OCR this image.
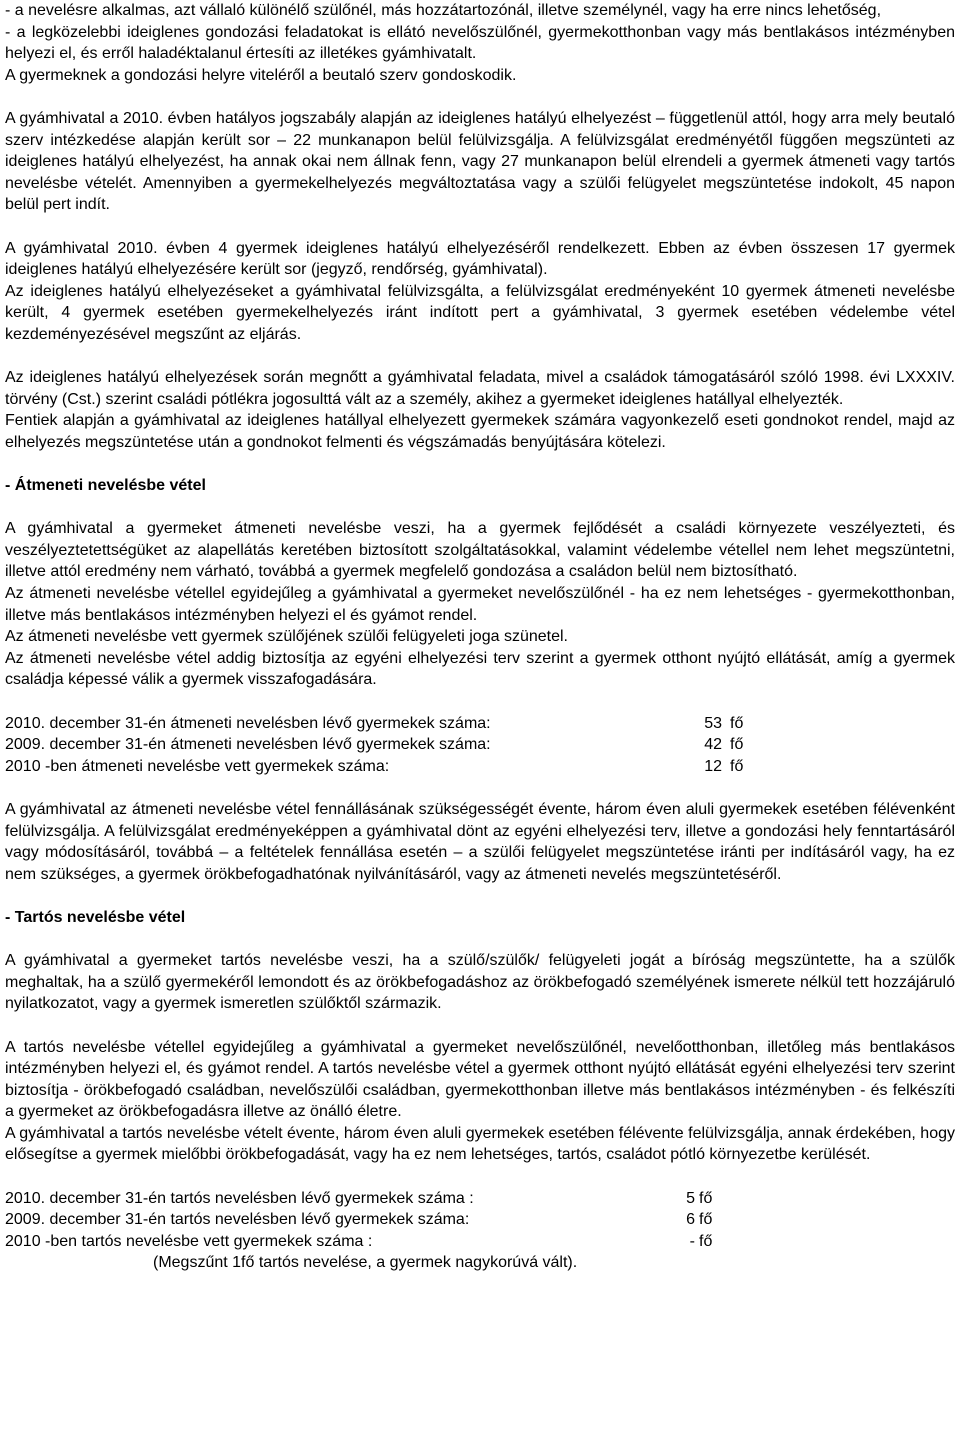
- a nevelésre alkalmas, azt vállaló különélő szülőnél, más hozzátartozónál, illetve személynél, vagy ha erre nincs lehetőség,

- a legközelebbi ideiglenes gondozási feladatokat is ellátó nevelőszülőnél, gyermekotthonban vagy más bentlakásos intézményben helyezi el, és erről haladéktalanul értesíti az illetékes gyámhivatalt.

A gyermeknek a gondozási helyre viteléről a beutaló szerv gondoskodik.

A gyámhivatal a 2010. évben hatályos jogszabály alapján az ideiglenes hatályú elhelyezést – függetlenül attól, hogy arra mely beutaló szerv intézkedése alapján került sor – 22 munkanapon belül felülvizsgálja. A felülvizsgálat eredményétől függően megszünteti az ideiglenes hatályú elhelyezést, ha annak okai nem állnak fenn, vagy 27 munkanapon belül elrendeli a gyermek átmeneti vagy tartós nevelésbe vételét. Amennyiben a gyermekelhelyezés megváltoztatása vagy a szülői felügyelet megszüntetése indokolt, 45 napon belül pert indít.

A gyámhivatal 2010. évben 4 gyermek ideiglenes hatályú elhelyezéséről rendelkezett. Ebben az évben összesen 17 gyermek ideiglenes hatályú elhelyezésére került sor (jegyző, rendőrség, gyámhivatal).

Az ideiglenes hatályú elhelyezéseket a gyámhivatal felülvizsgálta, a felülvizsgálat eredményeként 10 gyermek átmeneti nevelésbe került, 4 gyermek esetében gyermekelhelyezés iránt indított pert a gyámhivatal, 3 gyermek esetében védelembe vétel kezdeményezésével megszűnt az eljárás.

Az ideiglenes hatályú elhelyezések során megnőtt a gyámhivatal feladata, mivel a családok támogatásáról szóló 1998. évi LXXXIV. törvény (Cst.) szerint családi pótlékra jogosulttá vált az a személy, akihez a gyermeket ideiglenes hatállyal elhelyezték.

Fentiek alapján a gyámhivatal az ideiglenes hatállyal elhelyezett gyermekek számára vagyonkezelő eseti gondnokot rendel, majd az elhelyezés megszüntetése után a gondnokot felmenti és végszámadás benyújtására kötelezi.

- Átmeneti nevelésbe vétel

A gyámhivatal a gyermeket átmeneti nevelésbe veszi, ha a gyermek fejlődését a családi környezete veszélyezteti, és veszélyeztetettségüket az alapellátás keretében biztosított szolgáltatásokkal, valamint védelembe vétellel nem lehet megszüntetni, illetve attól eredmény nem várható, továbbá a gyermek megfelelő gondozása a családon belül nem biztosítható.

Az átmeneti nevelésbe vétellel egyidejűleg a gyámhivatal a gyermeket nevelőszülőnél - ha ez nem lehetséges - gyermekotthonban, illetve más bentlakásos intézményben helyezi el és gyámot rendel.

Az átmeneti nevelésbe vett gyermek szülőjének szülői felügyeleti joga szünetel.

Az átmeneti nevelésbe vétel addig biztosítja az egyéni elhelyezési terv szerint a gyermek otthont nyújtó ellátását, amíg a gyermek családja képessé válik a gyermek visszafogadására.

2010. december 31-én átmeneti nevelésben lévő gyermekek száma:	53 fő
2009. december 31-én átmeneti nevelésben lévő gyermekek száma:	42 fő
2010 -ben átmeneti nevelésbe vett gyermekek száma:	12 fő

A gyámhivatal az átmeneti nevelésbe vétel fennállásának szükségességét évente, három éven aluli gyermekek esetében félévenként felülvizsgálja. A felülvizsgálat eredményeképpen a gyámhivatal dönt az egyéni elhelyezési terv, illetve a gondozási hely fenntartásáról vagy módosításáról, továbbá – a feltételek fennállása esetén – a szülői felügyelet megszüntetése iránti per indításáról vagy, ha ez nem szükséges, a gyermek örökbefogadhatónak nyilvánításáról, vagy az átmeneti nevelés megszüntetéséről.

- Tartós nevelésbe vétel

A gyámhivatal a gyermeket tartós nevelésbe veszi, ha a szülő/szülők/ felügyeleti jogát a bíróság megszüntette, ha a szülők meghaltak, ha a szülő gyermekéről lemondott és az örökbefogadáshoz az örökbefogadó személyének ismerete nélkül tett hozzájáruló nyilatkozatot, vagy a gyermek ismeretlen szülőktől származik.

A tartós nevelésbe vétellel egyidejűleg a gyámhivatal a gyermeket nevelőszülőnél, nevelőotthonban, illetőleg más bentlakásos intézményben helyezi el, és gyámot rendel. A tartós nevelésbe vétel a gyermek otthont nyújtó ellátását egyéni elhelyezési terv szerint biztosítja - örökbefogadó családban, nevelőszülői családban, gyermekotthonban illetve más bentlakásos intézményben - és felkészíti a gyermeket az örökbefogadásra illetve az önálló életre.

A gyámhivatal a tartós nevelésbe vételt évente, három éven aluli gyermekek esetében félévente felülvizsgálja, annak érdekében, hogy elősegítse a gyermek mielőbbi örökbefogadását, vagy ha ez nem lehetséges, tartós, családot pótló környezetbe kerülését.

2010. december 31-én tartós nevelésben lévő gyermekek száma :	5 fő
2009. december 31-én tartós nevelésben lévő gyermekek száma:	6 fő
2010 -ben tartós nevelésbe vett gyermekek száma :	- fő
(Megszűnt 1fő tartós nevelése, a gyermek nagykorúvá vált).
